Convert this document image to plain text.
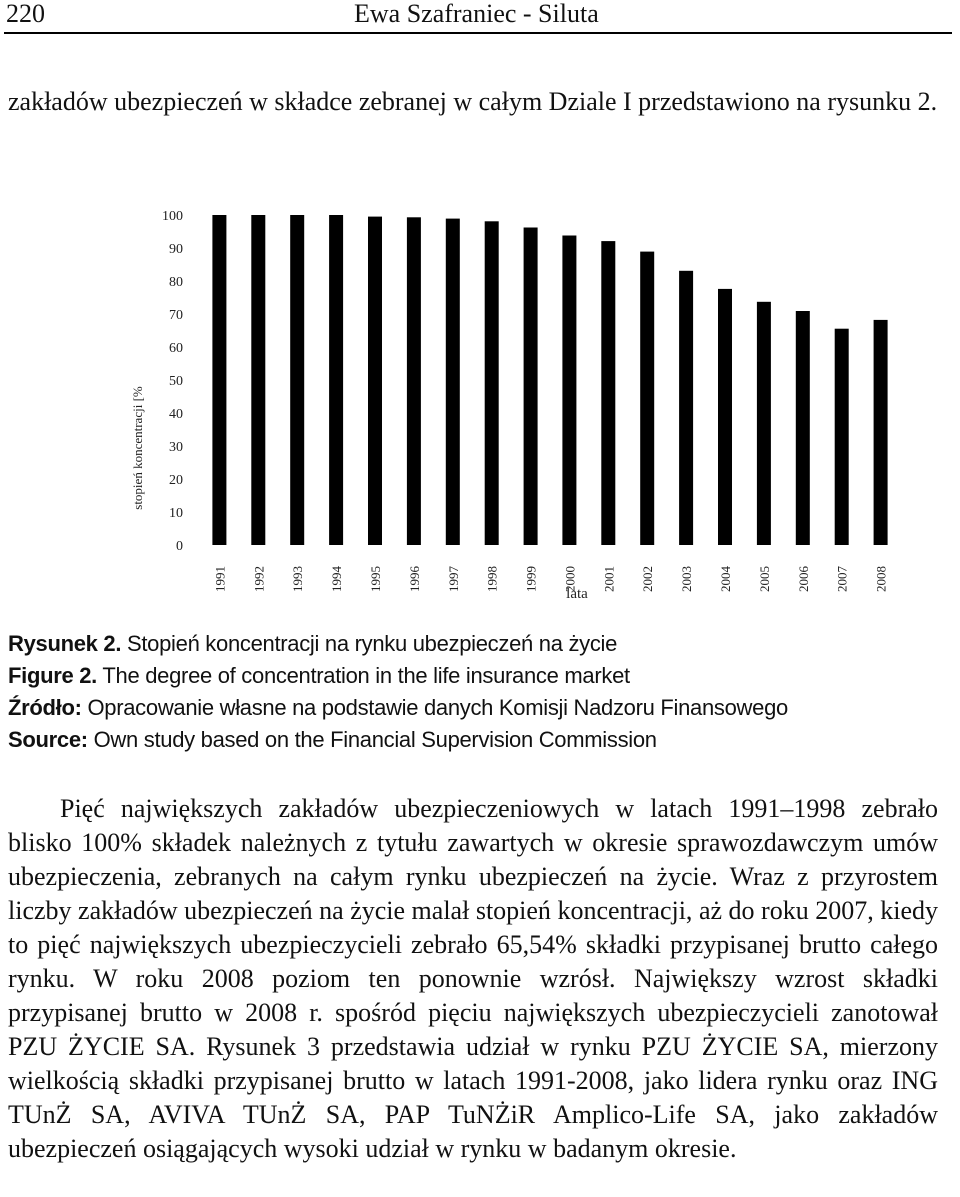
220	Ewa Szafraniec - Siluta
zakładów ubezpieczeń w składce zebranej w całym Dziale I przedstawiono na rysunku 2.
0
10
20
30
40
50
60
70
80
90
100
1991 1992 1993 1994 1995 1996 1997 1998 1999 2000 2001 2002 2003 2004 2005 2006 2007 2008
stopień koncentracji [%
lata
Rysunek 2. Stopień koncentracji na rynku ubezpieczeń na życie
Figure 2. The degree of concentration in the life insurance market
Źródło: Opracowanie własne na podstawie danych Komisji Nadzoru Finansowego
Source: Own study based on the Financial Supervision Commission

Pięć największych zakładów ubezpieczeniowych w latach 1991–1998 zebrało blisko 100% składek należnych z tytułu zawartych w okresie sprawozdawczym umów ubezpieczenia, zebranych na całym rynku ubezpieczeń na życie. Wraz z przyrostem liczby zakładów ubezpieczeń na życie malał stopień koncentracji, aż do roku 2007, kiedy to pięć największych ubezpieczycieli zebrało 65,54% składki przypisanej brutto całego rynku. W roku 2008 poziom ten ponownie wzrósł. Największy wzrost składki przypisanej brutto w 2008 r. spośród pięciu największych ubezpieczycieli zanotował PZU ŻYCIE SA. Rysunek 3 przedstawia udział w rynku PZU ŻYCIE SA, mierzony wielkością składki przypisanej brutto w latach 1991-2008, jako lidera rynku oraz ING TUnŻ SA, AVIVA TUnŻ SA, PAP TuNŻiR Amplico-Life SA, jako zakładów ubezpieczeń osiągających wysoki udział w rynku w badanym okresie.
